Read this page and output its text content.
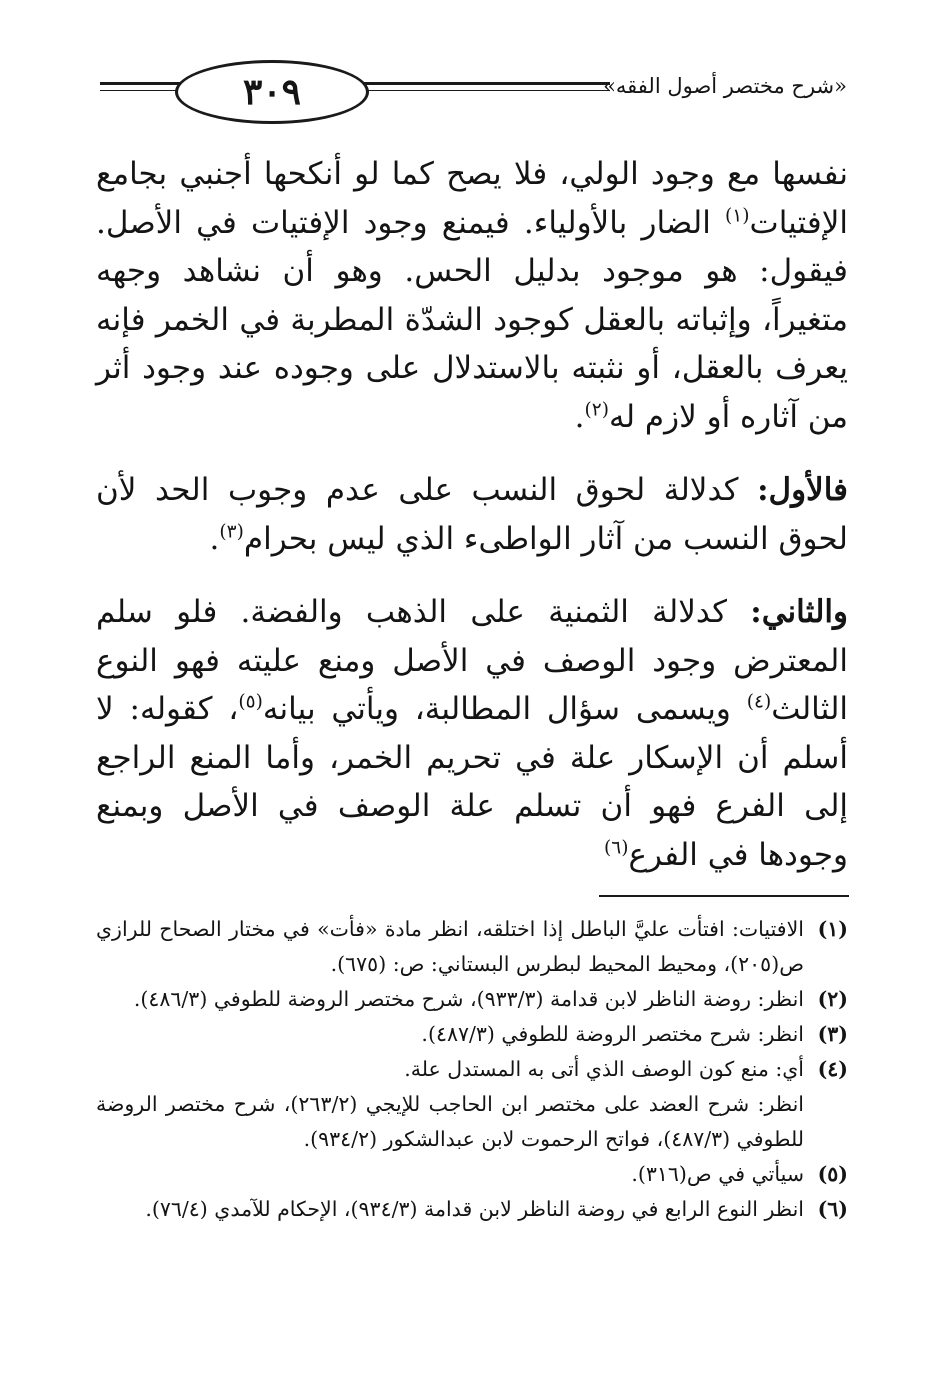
٣٠٩	«شرح مختصر أصول الفقه»

نفسها مع وجود الولي، فلا يصح كما لو أنكحها أجنبي بجامع الإفتيات$^{(١)}$ الضار بالأولياء. فيمنع وجود الإفتيات في الأصل. فيقول: هو موجود بدليل الحس. وهو أن نشاهد وجهه متغيراً، وإثباته بالعقل كوجود الشدّة المطربة في الخمر فإنه يعرف بالعقل، أو نثبته بالاستدلال على وجوده عند وجود أثر من آثاره أو لازم له$^{(٢)}$.

فالأول: كدلالة لحوق النسب على عدم وجوب الحد لأن لحوق النسب من آثار الواطىء الذي ليس بحرام$^{(٣)}$.

والثاني: كدلالة الثمنية على الذهب والفضة. فلو سلم المعترض وجود الوصف في الأصل ومنع عليته فهو النوع الثالث$^{(٤)}$ ويسمى سؤال المطالبة، ويأتي بيانه$^{(٥)}$، كقوله: لا أسلم أن الإسكار علة في تحريم الخمر، وأما المنع الراجع إلى الفرع فهو أن تسلم علة الوصف في الأصل وبمنع وجودها في الفرع$^{(٦)}$

(١)
الافتيات: افتأت عليَّ الباطل إذا اختلقه، انظر مادة «فأت» في مختار الصحاح للرازي ص(٢٠٥)، ومحيط المحيط لبطرس البستاني: ص: (٦٧٥).
(٢)
انظر: روضة الناظر لابن قدامة (٩٣٣/٣)، شرح مختصر الروضة للطوفي (٤٨٦/٣).
(٣)
انظر: شرح مختصر الروضة للطوفي (٤٨٧/٣).
(٤)
أي: منع كون الوصف الذي أتى به المستدل علة.
انظر: شرح العضد على مختصر ابن الحاجب للإيجي (٢٦٣/٢)، شرح مختصر الروضة للطوفي (٤٨٧/٣)، فواتح الرحموت لابن عبدالشكور (٩٣٤/٢).
(٥)
سيأتي في ص(٣١٦).
(٦)
انظر النوع الرابع في روضة الناظر لابن قدامة (٩٣٤/٣)، الإحكام للآمدي (٧٦/٤).
